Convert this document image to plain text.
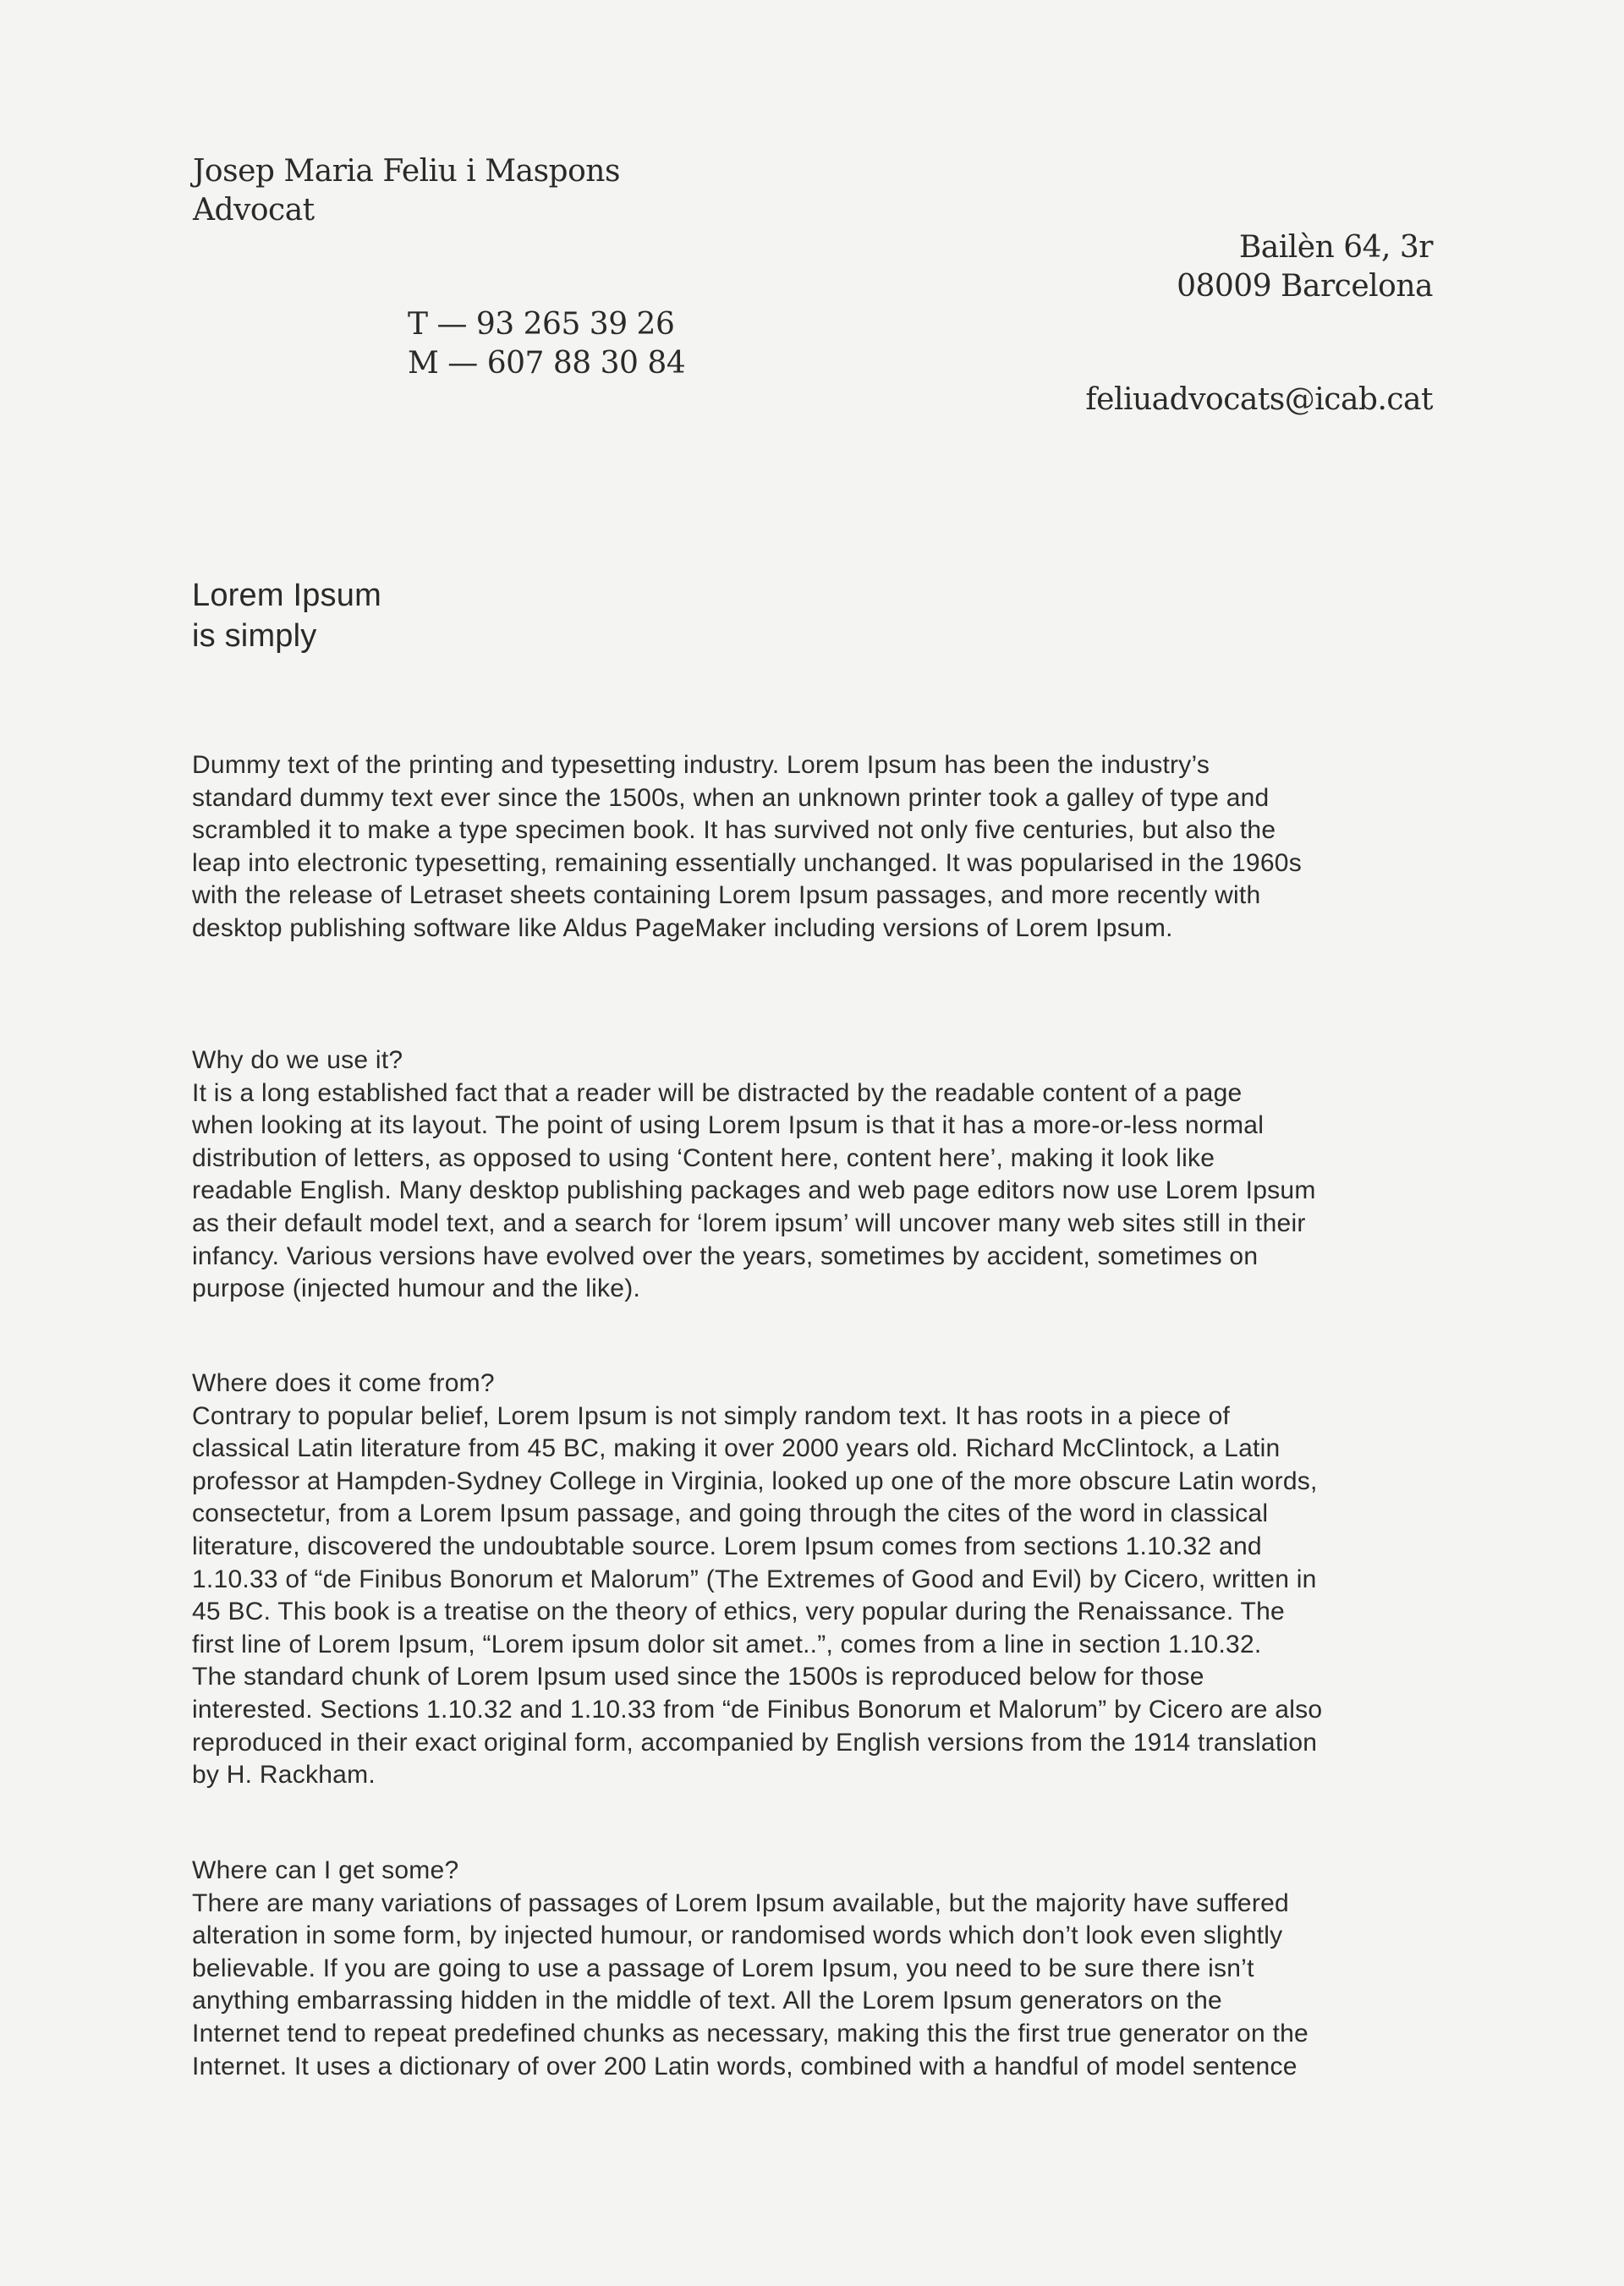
Josep Maria Feliu i Maspons
Advocat
Bailèn 64, 3r
08009 Barcelona
T — 93 265 39 26
M — 607 88 30 84
feliuadvocats@icab.cat
Lorem Ipsum
is simply
Dummy text of the printing and typesetting industry. Lorem Ipsum has been the industry’s
standard dummy text ever since the 1500s, when an unknown printer took a galley of type and
scrambled it to make a type specimen book. It has survived not only five centuries, but also the
leap into electronic typesetting, remaining essentially unchanged. It was popularised in the 1960s
with the release of Letraset sheets containing Lorem Ipsum passages, and more recently with
desktop publishing software like Aldus PageMaker including versions of Lorem Ipsum.
Why do we use it?
It is a long established fact that a reader will be distracted by the readable content of a page
when looking at its layout. The point of using Lorem Ipsum is that it has a more-or-less normal
distribution of letters, as opposed to using ‘Content here, content here’, making it look like
readable English. Many desktop publishing packages and web page editors now use Lorem Ipsum
as their default model text, and a search for ‘lorem ipsum’ will uncover many web sites still in their
infancy. Various versions have evolved over the years, sometimes by accident, sometimes on
purpose (injected humour and the like).
Where does it come from?
Contrary to popular belief, Lorem Ipsum is not simply random text. It has roots in a piece of
classical Latin literature from 45 BC, making it over 2000 years old. Richard McClintock, a Latin
professor at Hampden-Sydney College in Virginia, looked up one of the more obscure Latin words,
consectetur, from a Lorem Ipsum passage, and going through the cites of the word in classical
literature, discovered the undoubtable source. Lorem Ipsum comes from sections 1.10.32 and
1.10.33 of “de Finibus Bonorum et Malorum” (The Extremes of Good and Evil) by Cicero, written in
45 BC. This book is a treatise on the theory of ethics, very popular during the Renaissance. The
first line of Lorem Ipsum, “Lorem ipsum dolor sit amet..”, comes from a line in section 1.10.32.
The standard chunk of Lorem Ipsum used since the 1500s is reproduced below for those
interested. Sections 1.10.32 and 1.10.33 from “de Finibus Bonorum et Malorum” by Cicero are also
reproduced in their exact original form, accompanied by English versions from the 1914 translation
by H. Rackham.
Where can I get some?
There are many variations of passages of Lorem Ipsum available, but the majority have suffered
alteration in some form, by injected humour, or randomised words which don’t look even slightly
believable. If you are going to use a passage of Lorem Ipsum, you need to be sure there isn’t
anything embarrassing hidden in the middle of text. All the Lorem Ipsum generators on the
Internet tend to repeat predefined chunks as necessary, making this the first true generator on the
Internet. It uses a dictionary of over 200 Latin words, combined with a handful of model sentence
